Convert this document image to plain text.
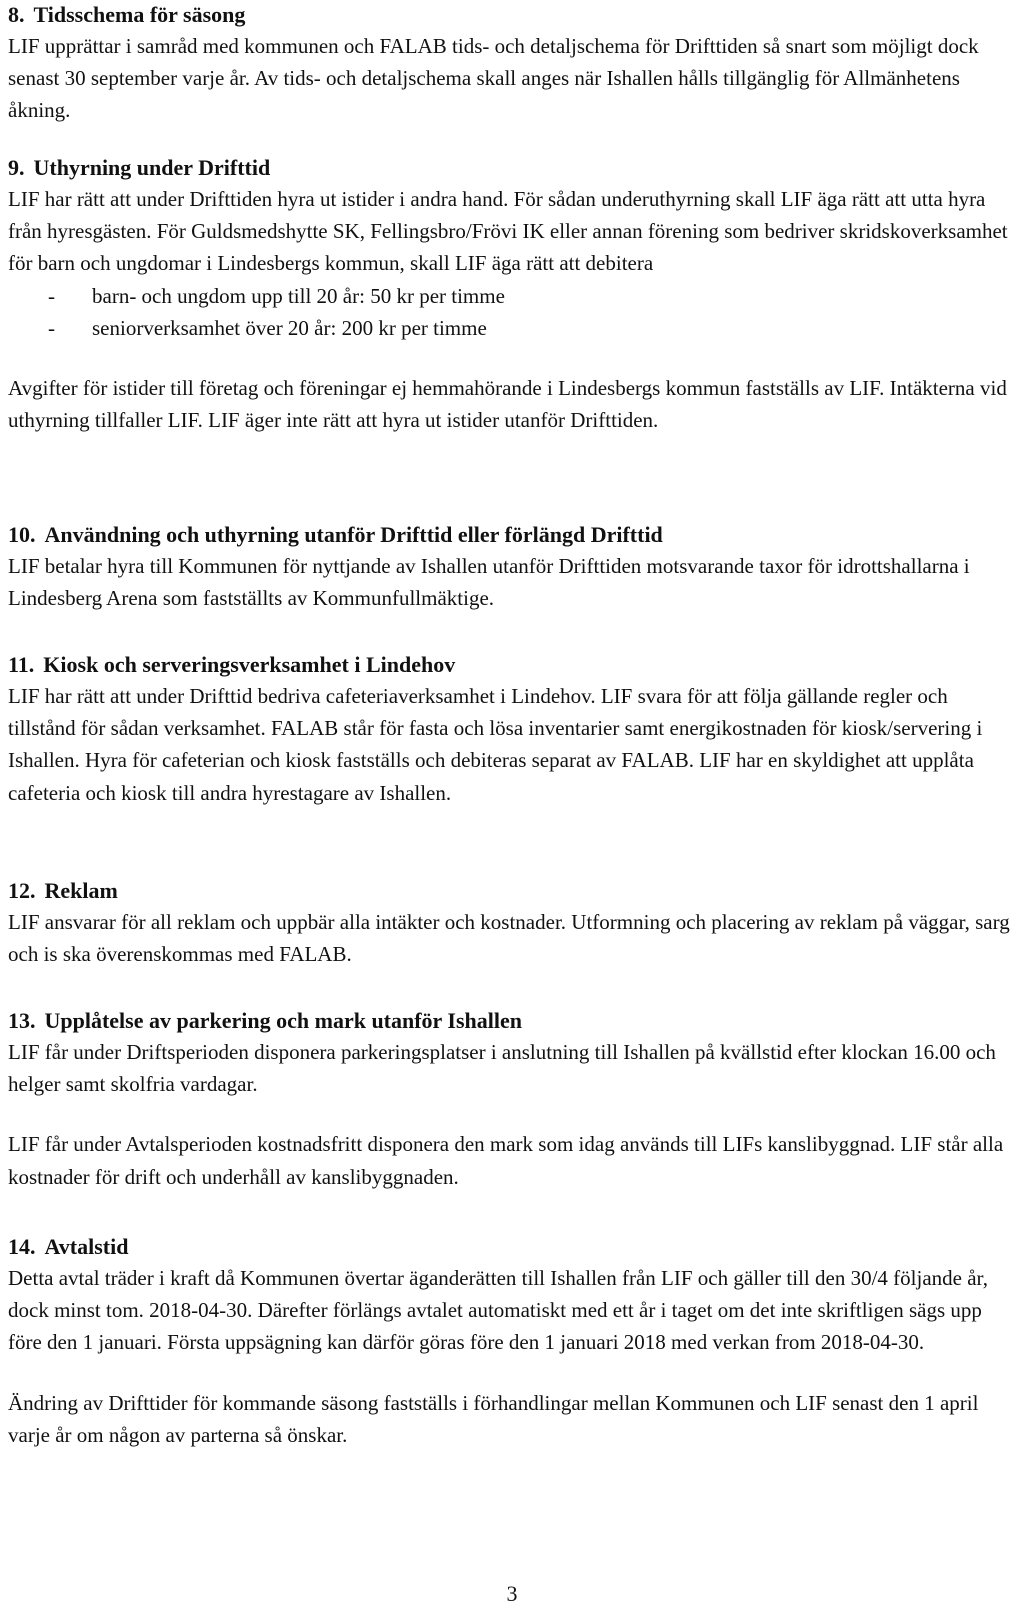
8. Tidsschema för säsong

LIF upprättar i samråd med kommunen och FALAB tids- och detaljschema för Drifttiden så snart som möjligt dock senast 30 september varje år. Av tids- och detaljschema skall anges när Ishallen hålls tillgänglig för Allmänhetens åkning.

9. Uthyrning under Drifttid

LIF har rätt att under Drifttiden hyra ut istider i andra hand. För sådan underuthyrning skall LIF äga rätt att utta hyra från hyresgästen. För Guldsmedshytte SK, Fellingsbro/Frövi IK eller annan förening som bedriver skridskoverksamhet för barn och ungdomar i Lindesbergs kommun, skall LIF äga rätt att debitera

- barn- och ungdom upp till 20 år: 50 kr per timme
- seniorverksamhet över 20 år: 200 kr per timme

Avgifter för istider till företag och föreningar ej hemmahörande i Lindesbergs kommun fastställs av LIF. Intäkterna vid uthyrning tillfaller LIF. LIF äger inte rätt att hyra ut istider utanför Drifttiden.

10. Användning och uthyrning utanför Drifttid eller förlängd Drifttid

LIF betalar hyra till Kommunen för nyttjande av Ishallen utanför Drifttiden motsvarande taxor för idrottshallarna i Lindesberg Arena som fastställts av Kommunfullmäktige.

11. Kiosk och serveringsverksamhet i Lindehov

LIF har rätt att under Drifttid bedriva cafeteriaverksamhet i Lindehov. LIF svara för att följa gällande regler och tillstånd för sådan verksamhet. FALAB står för fasta och lösa inventarier samt energikostnaden för kiosk/servering i Ishallen. Hyra för cafeterian och kiosk fastställs och debiteras separat av FALAB. LIF har en skyldighet att upplåta cafeteria och kiosk till andra hyrestagare av Ishallen.

12. Reklam

LIF ansvarar för all reklam och uppbär alla intäkter och kostnader. Utformning och placering av reklam på väggar, sarg och is ska överenskommas med FALAB.

13. Upplåtelse av parkering och mark utanför Ishallen

LIF får under Driftsperioden disponera parkeringsplatser i anslutning till Ishallen på kvällstid efter klockan 16.00 och helger samt skolfria vardagar.

LIF får under Avtalsperioden kostnadsfritt disponera den mark som idag används till LIFs kanslibyggnad. LIF står alla kostnader för drift och underhåll av kanslibyggnaden.

14. Avtalstid

Detta avtal träder i kraft då Kommunen övertar äganderätten till Ishallen från LIF och gäller till den 30/4 följande år, dock minst tom. 2018-04-30. Därefter förlängs avtalet automatiskt med ett år i taget om det inte skriftligen sägs upp före den 1 januari. Första uppsägning kan därför göras före den 1 januari 2018 med verkan from 2018-04-30.

Ändring av Drifttider för kommande säsong fastställs i förhandlingar mellan Kommunen och LIF senast den 1 april varje år om någon av parterna så önskar.

3
